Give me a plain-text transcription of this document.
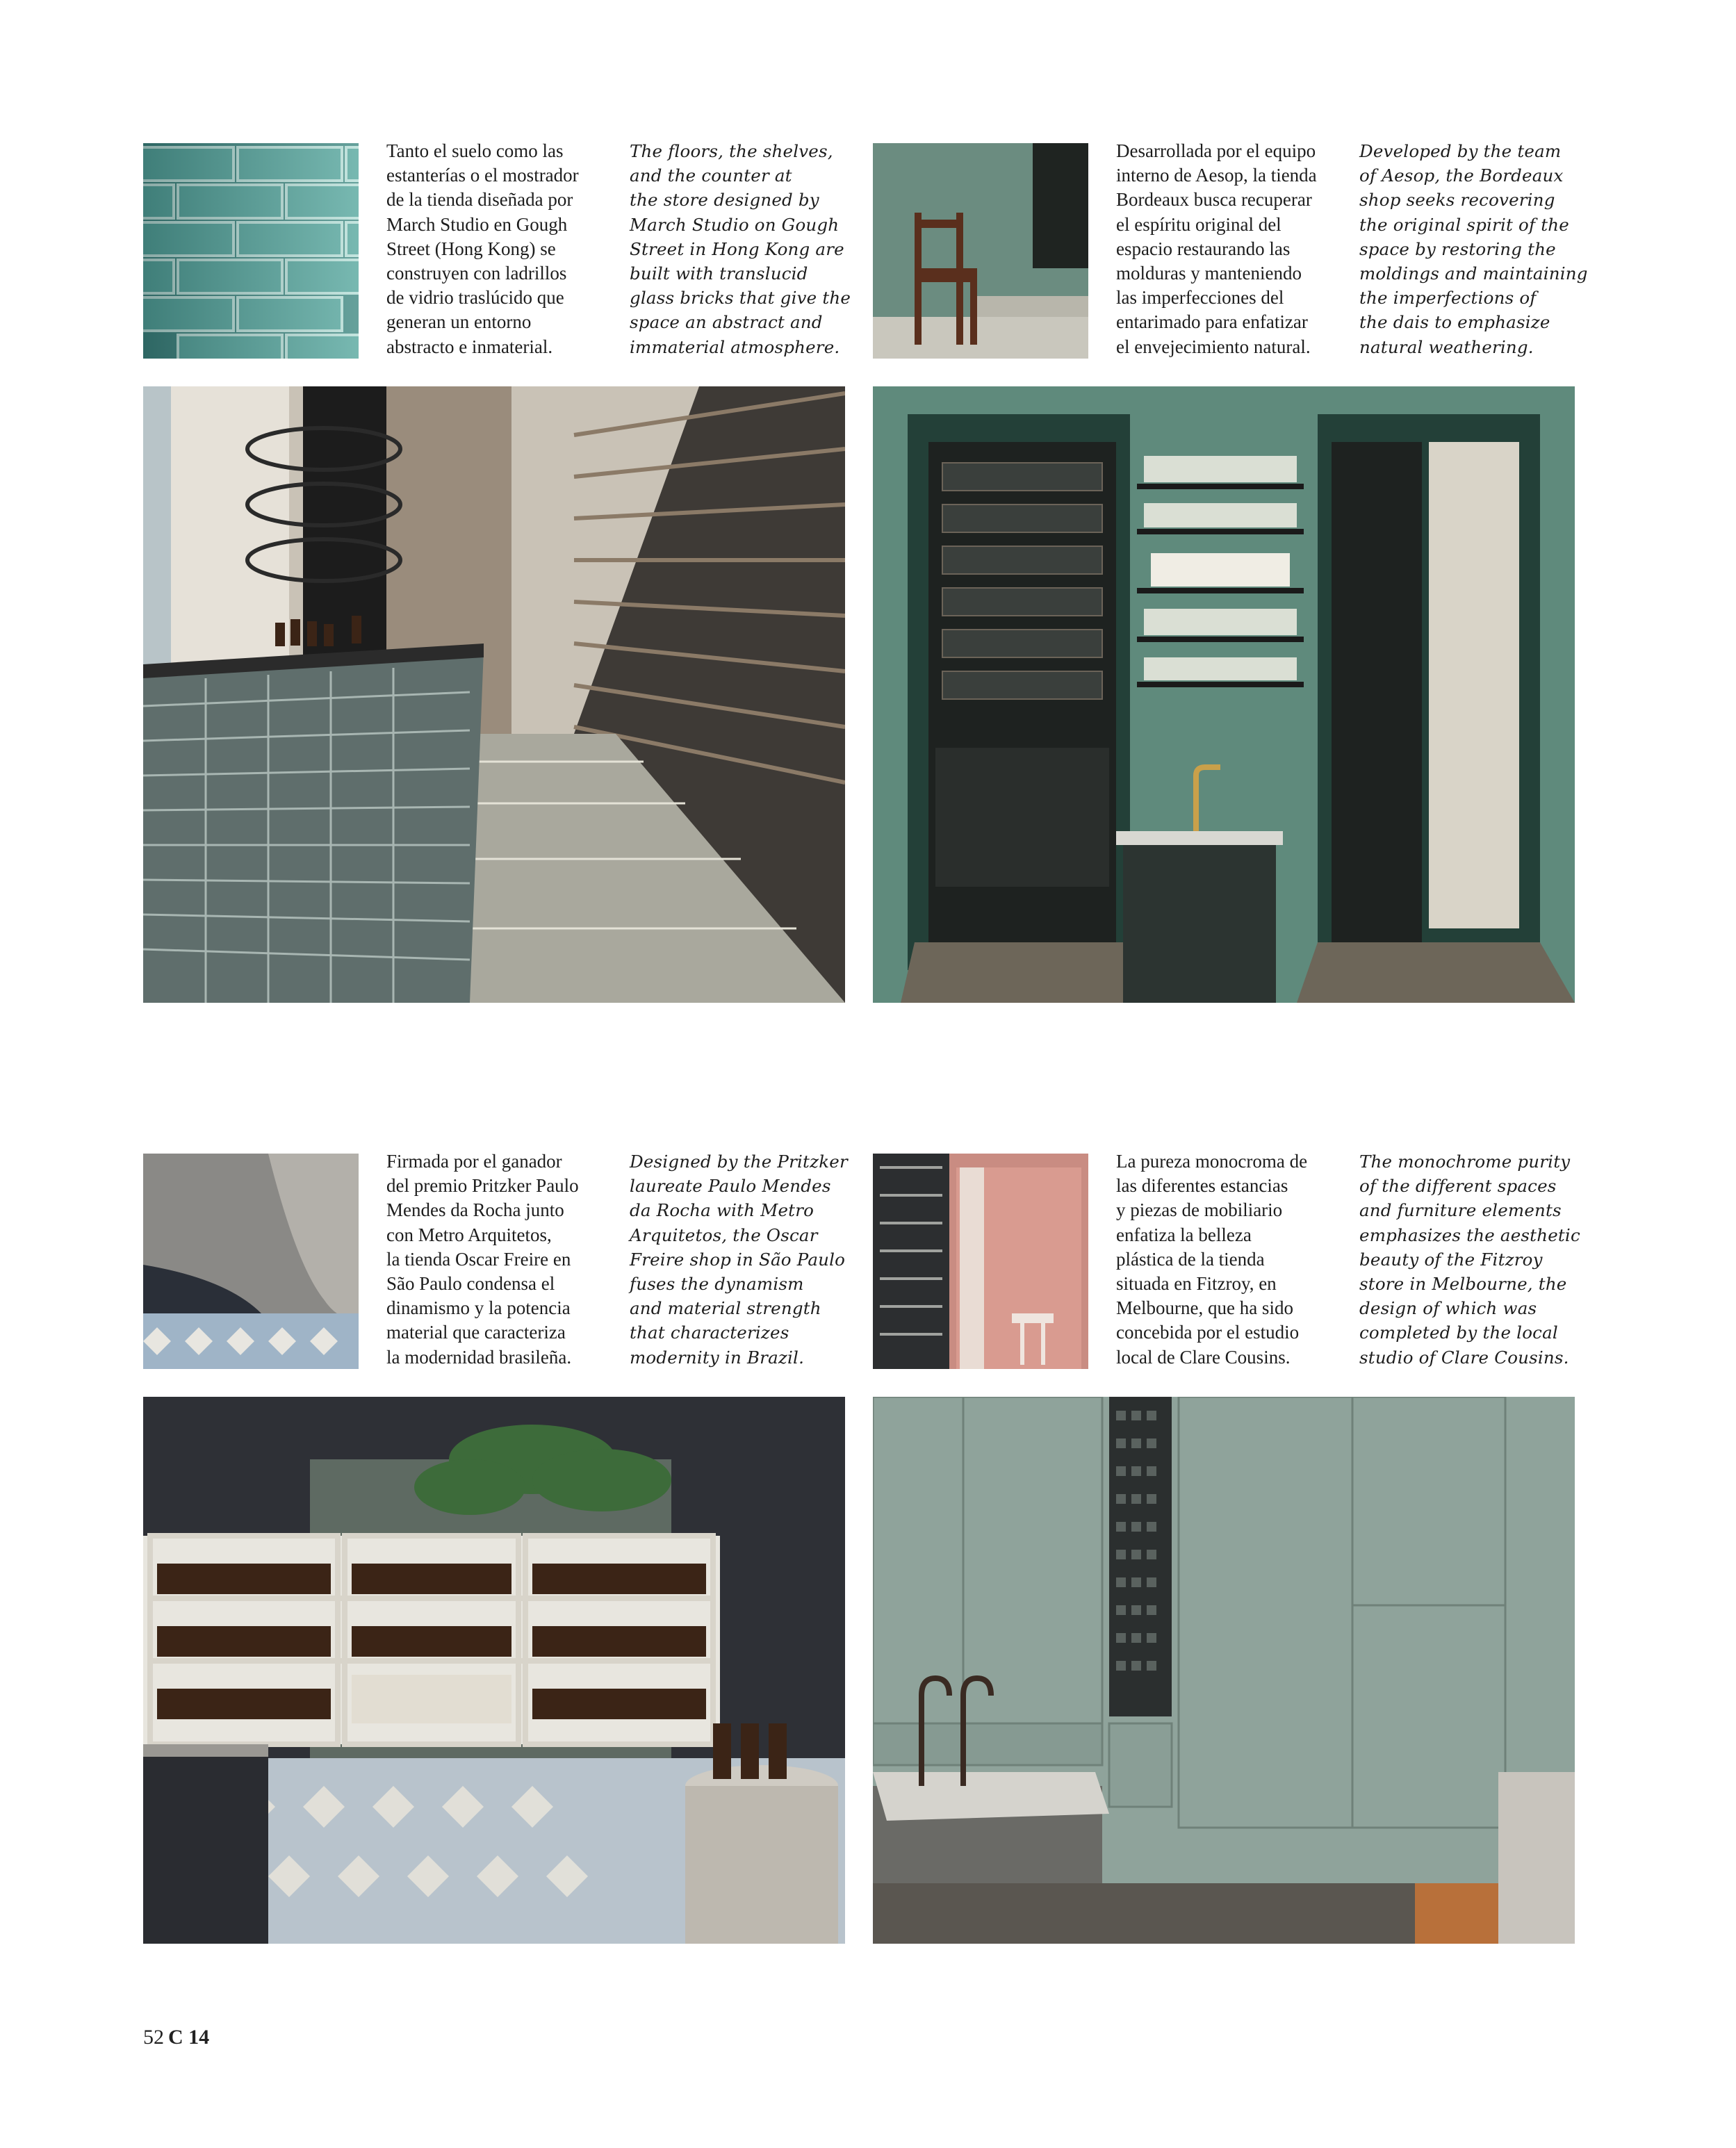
Tanto el suelo como las
estanterías o el mostrador
de la tienda diseñada por
March Studio en Gough
Street (Hong Kong) se
construyen con ladrillos
de vidrio traslúcido que
generan un entorno
abstracto e inmaterial.

The floors, the shelves,
and the counter at
the store designed by
March Studio on Gough
Street in Hong Kong are
built with translucid
glass bricks that give the
space an abstract and
immaterial atmosphere.

Desarrollada por el equipo
interno de Aesop, la tienda
Bordeaux busca recuperar
el espíritu original del
espacio restaurando las
molduras y manteniendo
las imperfecciones del
entarimado para enfatizar
el envejecimiento natural.

Developed by the team
of Aesop, the Bordeaux
shop seeks recovering
the original spirit of the
space by restoring the
moldings and maintaining
the imperfections of
the dais to emphasize
natural weathering.

Firmada por el ganador
del premio Pritzker Paulo
Mendes da Rocha junto
con Metro Arquitetos,
la tienda Oscar Freire en
São Paulo condensa el
dinamismo y la potencia
material que caracteriza
la modernidad brasileña.

Designed by the Pritzker
laureate Paulo Mendes
da Rocha with Metro
Arquitetos, the Oscar
Freire shop in São Paulo
fuses the dynamism
and material strength
that characterizes
modernity in Brazil.

La pureza monocroma de
las diferentes estancias
y piezas de mobiliario
enfatiza la belleza
plástica de la tienda
situada en Fitzroy, en
Melbourne, que ha sido
concebida por el estudio
local de Clare Cousins.

The monochrome purity
of the different spaces
and furniture elements
emphasizes the aesthetic
beauty of the Fitzroy
store in Melbourne, the
design of which was
completed by the local
studio of Clare Cousins.

52 C 14
